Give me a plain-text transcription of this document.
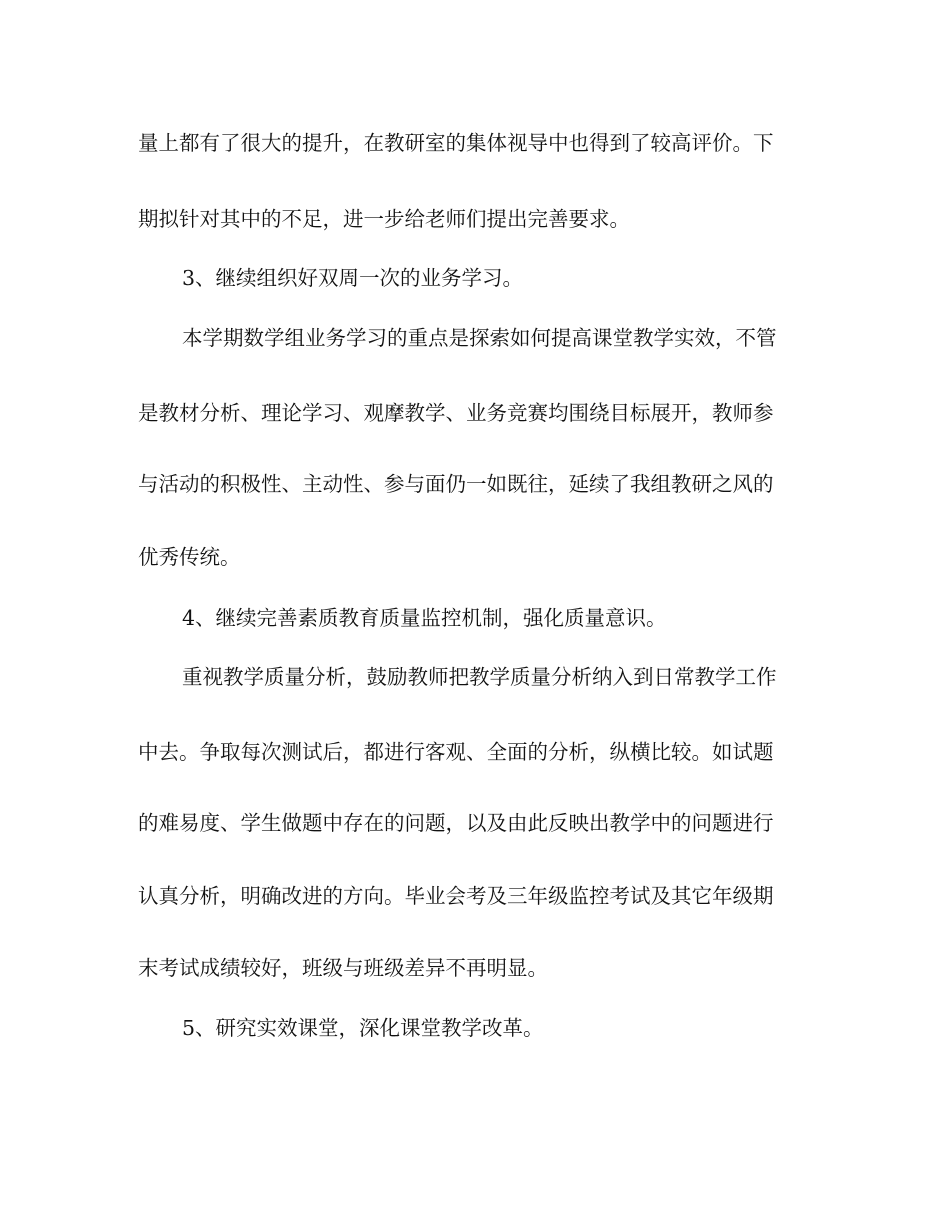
量上都有了很大的提升，在教研室的集体视导中也得到了较高评价。下
期拟针对其中的不足，进一步给老师们提出完善要求。
3、继续组织好双周一次的业务学习。
本学期数学组业务学习的重点是探索如何提高课堂教学实效，不管
是教材分析、理论学习、观摩教学、业务竞赛均围绕目标展开，教师参
与活动的积极性、主动性、参与面仍一如既往，延续了我组教研之风的
优秀传统。
4、继续完善素质教育质量监控机制，强化质量意识。
重视教学质量分析，鼓励教师把教学质量分析纳入到日常教学工作
中去。争取每次测试后，都进行客观、全面的分析，纵横比较。如试题
的难易度、学生做题中存在的问题，以及由此反映出教学中的问题进行
认真分析，明确改进的方向。毕业会考及三年级监控考试及其它年级期
末考试成绩较好，班级与班级差异不再明显。
5、研究实效课堂，深化课堂教学改革。
